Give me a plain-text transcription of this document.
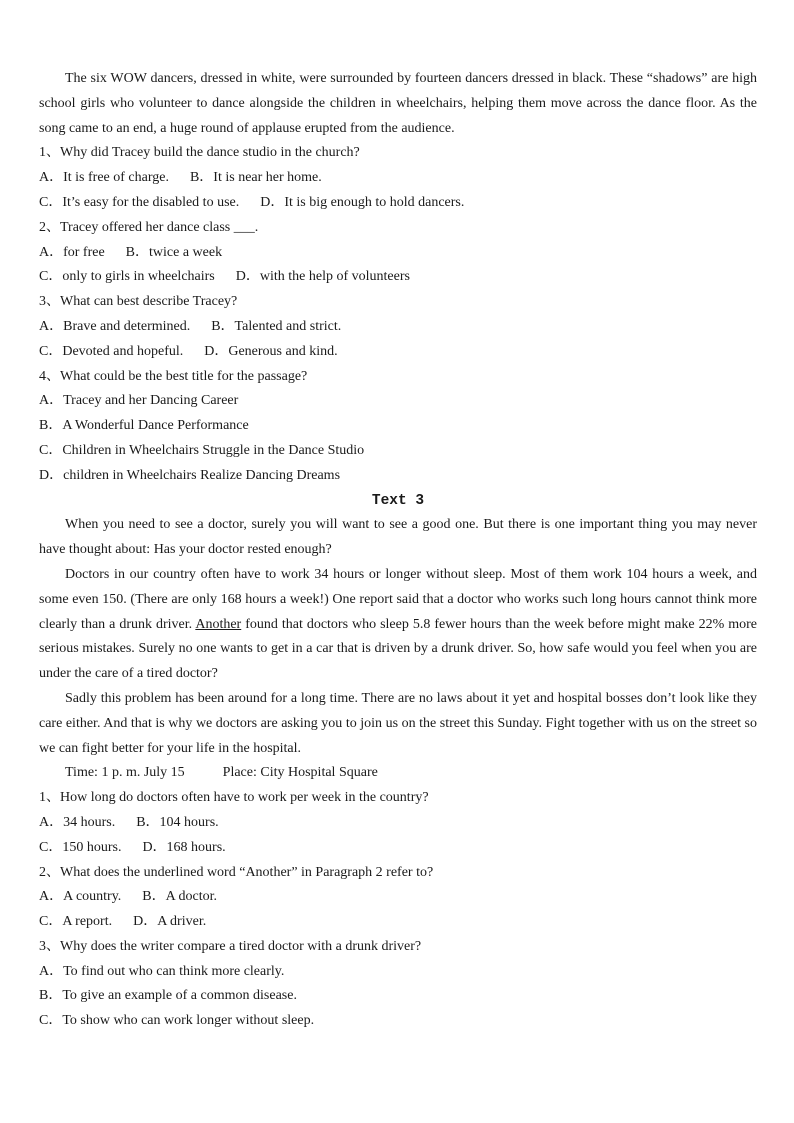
The six WOW dancers, dressed in white, were surrounded by fourteen dancers dressed in black. These “shadows” are high school girls who volunteer to dance alongside the children in wheelchairs, helping them move across the dance floor. As the song came to an end, a huge round of applause erupted from the audience.

1、Why did Tracey build the dance studio in the church?
A．It is free of charge.      B．It is near her home.
C．It’s easy for the disabled to use.      D．It is big enough to hold dancers.
2、Tracey offered her dance class ___.
A．for free      B．twice a week
C．only to girls in wheelchairs      D．with the help of volunteers
3、What can best describe Tracey?
A．Brave and determined.      B．Talented and strict.
C．Devoted and hopeful.      D．Generous and kind.
4、What could be the best title for the passage?
A．Tracey and her Dancing Career
B．A Wonderful Dance Performance
C．Children in Wheelchairs Struggle in the Dance Studio
D．children in Wheelchairs Realize Dancing Dreams
Text 3

When you need to see a doctor, surely you will want to see a good one. But there is one important thing you may never have thought about: Has your doctor rested enough?

Doctors in our country often have to work 34 hours or longer without sleep. Most of them work 104 hours a week, and some even 150. (There are only 168 hours a week!) One report said that a doctor who works such long hours cannot think more clearly than a drunk driver. Another found that doctors who sleep 5.8 fewer hours than the week before might make 22% more serious mistakes. Surely no one wants to get in a car that is driven by a drunk driver. So, how safe would you feel when you are under the care of a tired doctor?

Sadly this problem has been around for a long time. There are no laws about it yet and hospital bosses don’t look like they care either. And that is why we doctors are asking you to join us on the street this Sunday. Fight together with us on the street so we can fight better for your life in the hospital.

Time: 1 p. m. July 15	Place: City Hospital Square
1、How long do doctors often have to work per week in the country?
A．34 hours.      B．104 hours.
C．150 hours.      D．168 hours.
2、What does the underlined word “Another” in Paragraph 2 refer to?
A．A country.      B．A doctor.
C．A report.      D．A driver.
3、Why does the writer compare a tired doctor with a drunk driver?
A．To find out who can think more clearly.
B．To give an example of a common disease.
C．To show who can work longer without sleep.
